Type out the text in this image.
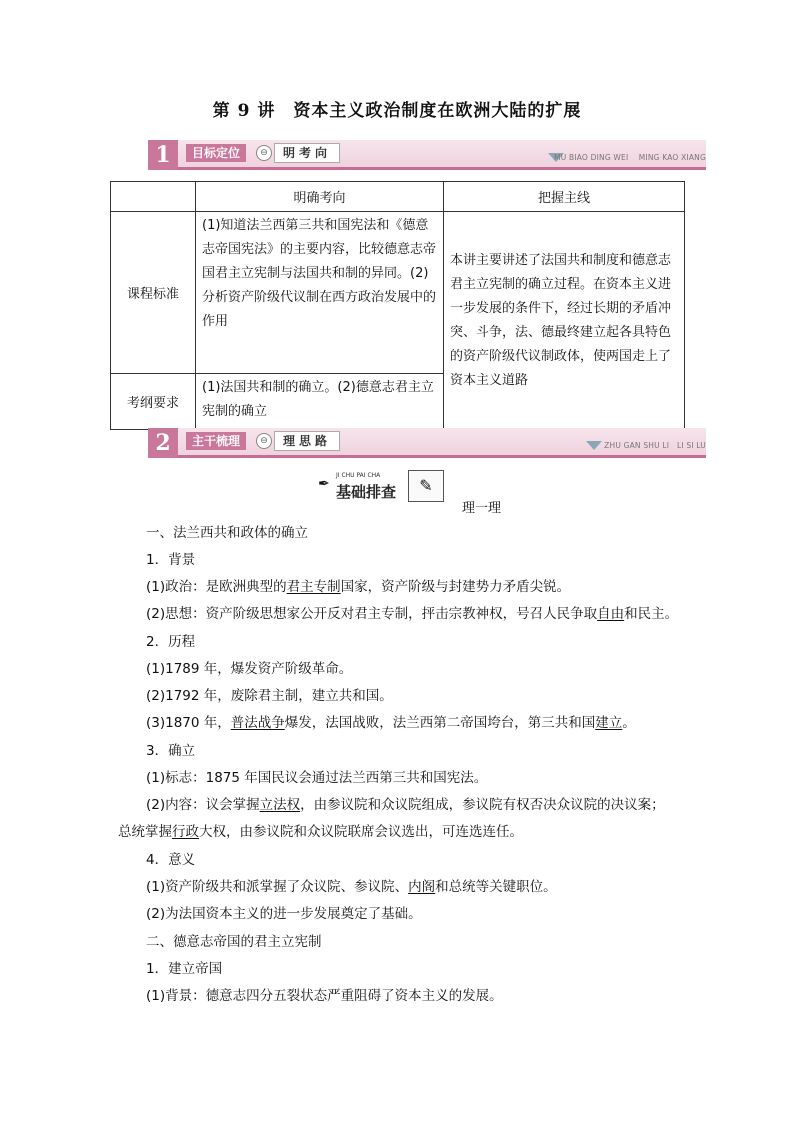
第 9 讲　资本主义政治制度在欧洲大陆的扩展
1	目标定位	⊖	明考向	MU BIAO DING WEI MING KAO XIANG
	明确考向	把握主线
课程标准	(1)知道法兰西第三共和国宪法和《德意志帝国宪法》的主要内容，比较德意志帝国君主立宪制与法国共和制的异同。(2)分析资产阶级代议制在西方政治发展中的作用	本讲主要讲述了法国共和制度和德意志君主立宪制的确立过程。在资本主义进一步发展的条件下，经过长期的矛盾冲突、斗争，法、德最终建立起各具特色的资产阶级代议制政体，使两国走上了资本主义道路
考纲要求	(1)法国共和制的确立。(2)德意志君主立宪制的确立	
2	主干梳理	⊖	理思路	ZHU GAN SHU LI LI SI LU
✒
JI CHU PAI CHA
基础排查	✎
理一理
一、法兰西共和政体的确立
1．背景
(1)政治：是欧洲典型的君主专制国家，资产阶级与封建势力矛盾尖锐。
(2)思想：资产阶级思想家公开反对君主专制，抨击宗教神权，号召人民争取自由和民主。
2．历程
(1)1789 年，爆发资产阶级革命。
(2)1792 年，废除君主制，建立共和国。
(3)1870 年，普法战争爆发，法国战败，法兰西第二帝国垮台，第三共和国建立。
3．确立
(1)标志：1875 年国民议会通过法兰西第三共和国宪法。
(2)内容：议会掌握立法权，由参议院和众议院组成，参议院有权否决众议院的决议案；
总统掌握行政大权，由参议院和众议院联席会议选出，可连选连任。
4．意义
(1)资产阶级共和派掌握了众议院、参议院、内阁和总统等关键职位。
(2)为法国资本主义的进一步发展奠定了基础。
二、德意志帝国的君主立宪制
1．建立帝国
(1)背景：德意志四分五裂状态严重阻碍了资本主义的发展。
